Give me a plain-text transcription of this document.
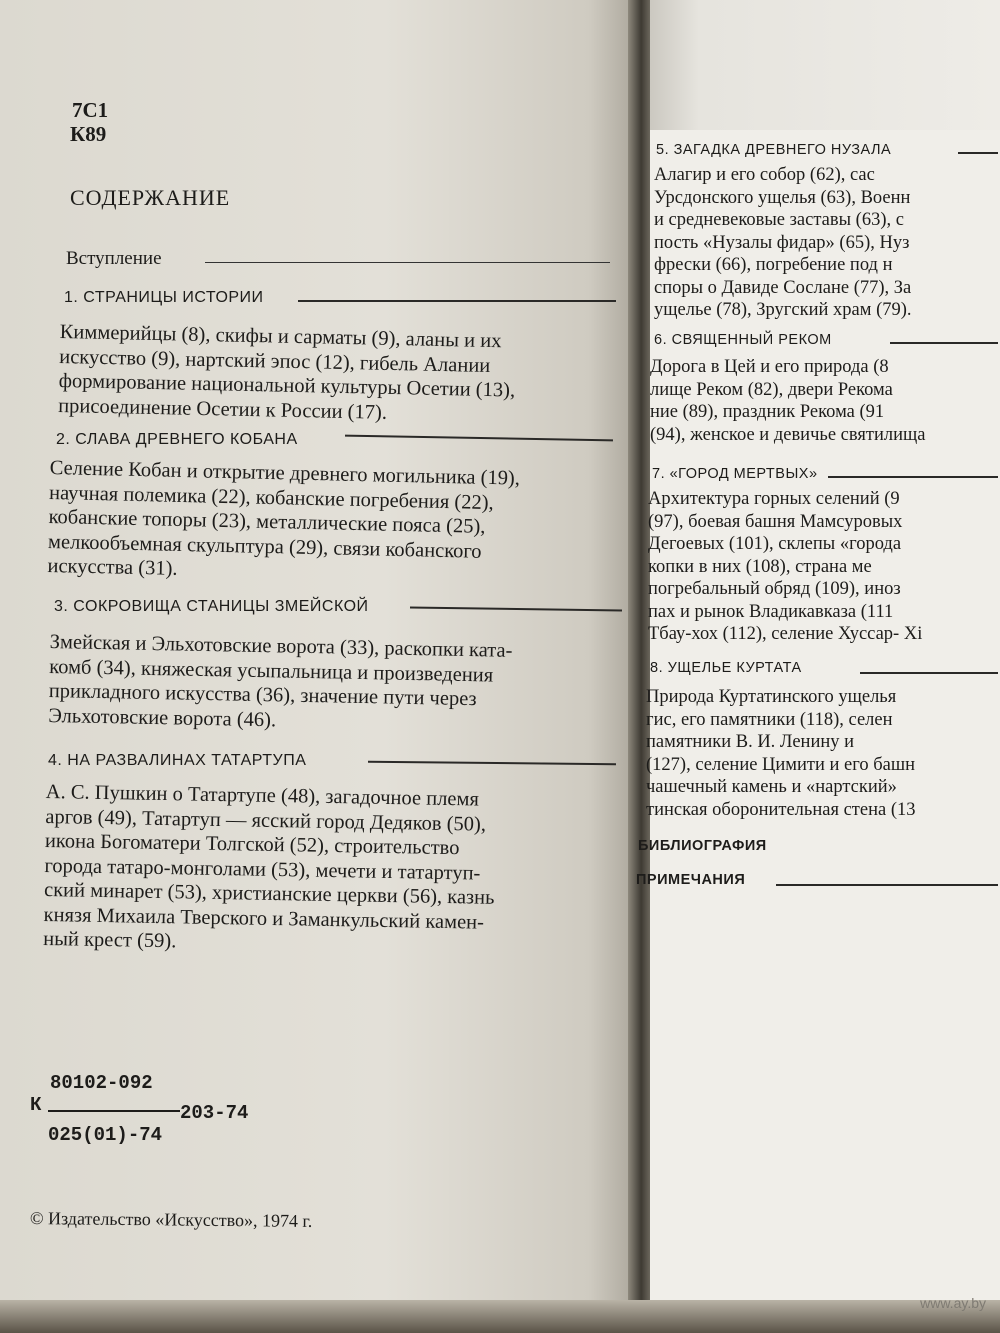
7С1
К89
СОДЕРЖАНИЕ
Вступление
1. СТРАНИЦЫ ИСТОРИИ

Киммерийцы (8), скифы и сарматы (9), аланы и их

искусство (9), нартский эпос (12), гибель Алании

формирование национальной культуры Осетии (13),

присоединение Осетии к России (17).

2. СЛАВА ДРЕВНЕГО КОБАНА

Селение Кобан и открытие древнего могильника (19),

научная полемика (22), кобанские погребения (22),

кобанские топоры (23), металлические пояса (25),

мелкообъемная скульптура (29), связи кобанского

искусства (31).

3. СОКРОВИЩА СТАНИЦЫ ЗМЕЙСКОЙ

Змейская и Эльхотовские ворота (33), раскопки ката-

комб (34), княжеская усыпальница и произведения

прикладного искусства (36), значение пути через

Эльхотовские ворота (46).

4. НА РАЗВАЛИНАХ ТАТАРТУПА

А. С. Пушкин о Татартупе (48), загадочное племя

аргов (49), Татартуп — ясский город Дедяков (50),

икона Богоматери Толгской (52), строительство

города татаро-монголами (53), мечети и татартуп-

ский минарет (53), христианские церкви (56), казнь

князя Михаила Тверского и Заманкульский камен-

ный крест (59).

80102-092
К	203-74
025(01)-74
© Издательство «Искусство», 1974 г.
5. ЗАГАДКА ДРЕВНЕГО НУЗАЛА
Алагир и его собор (62), сас
Урсдонского ущелья (63), Военн
и средневековые заставы (63), с
пость «Нузалы фидар» (65), Нуз
фрески (66), погребение под н
споры о Давиде Сослане (77), За
ущелье (78), Зругский храм (79).
6. СВЯЩЕННЫЙ РЕКОМ
Дорога в Цей и его природа (8
лище Реком (82), двери Рекома
ние (89), праздник Рекома (91
(94), женское и девичье святилища
7. «ГОРОД МЕРТВЫХ»
Архитектура горных селений (9
(97), боевая башня Мамсуровых
Дегоевых (101), склепы «города
копки в них (108), страна ме
погребальный обряд (109), инoз
пах и рынок Владикавказа (111
Тбау-хох (112), селение Хуссар- Хі
8. УЩЕЛЬЕ КУРТАТА
Природа Куртатинского ущелья
гис, его памятники (118), селен
памятники В. И. Ленину и
(127), селение Цимити и его башн
чашечный камень и «нартский»
тинская оборонительная стена (13
БИБЛИОГРАФИЯ
ПРИМЕЧАНИЯ
www.ay.by
